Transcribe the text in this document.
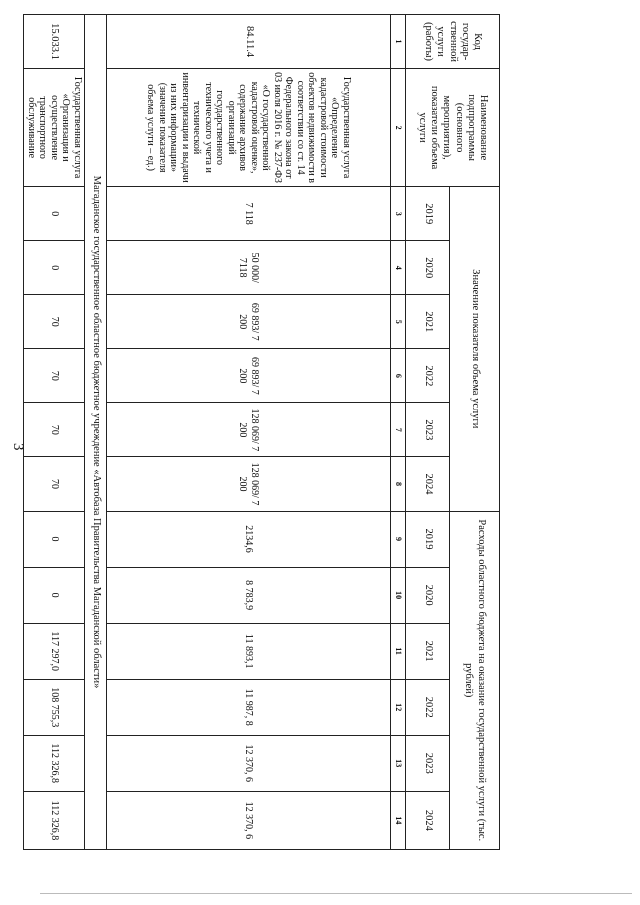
3
Код государ-ственной услуги (работы)	Наименование подпрограммы (основного мероприятия), показатели объема услуги	Значение показателя объема услуги						Расходы областного бюджета на оказание государственной услуги (тыс. рублей)					
		2019	2020	2021	2022	2023	2024	2019	2020	2021	2022	2023	2024
1	2	3	4	5	6	7	8	9	10	11	12	13	14
84.11.4	Государственная услуга «Определение кадастровой стоимости объектов недвижимости в соответствии со ст. 14 Федерального закона от 03 июля 2016 г. № 237-ФЗ «О государственной кадастровой оценке», содержание архивов организаций государственного технического учета и технической инвентаризации и выдачи из них информации» (значение показателя объема услуги – ед.)	7 118	50 000/ 7118	69 893/ 7 200	69 893/ 7 200	128 069/ 7 200	128 069/ 7 200	2134,6	8 783,9	11 893,1	11 987, 8	12 370, 6	12 370, 6
Магаданское государственное областное бюджетное учреждение «Автобаза Правительства Магаданской области»													
15.033.1	Государственная услуга «Организация и осуществление транспортного обслуживание	0	0	70	70	70	70	0	0	117 297,0	108 755,3	112 326,8	112 326,8
